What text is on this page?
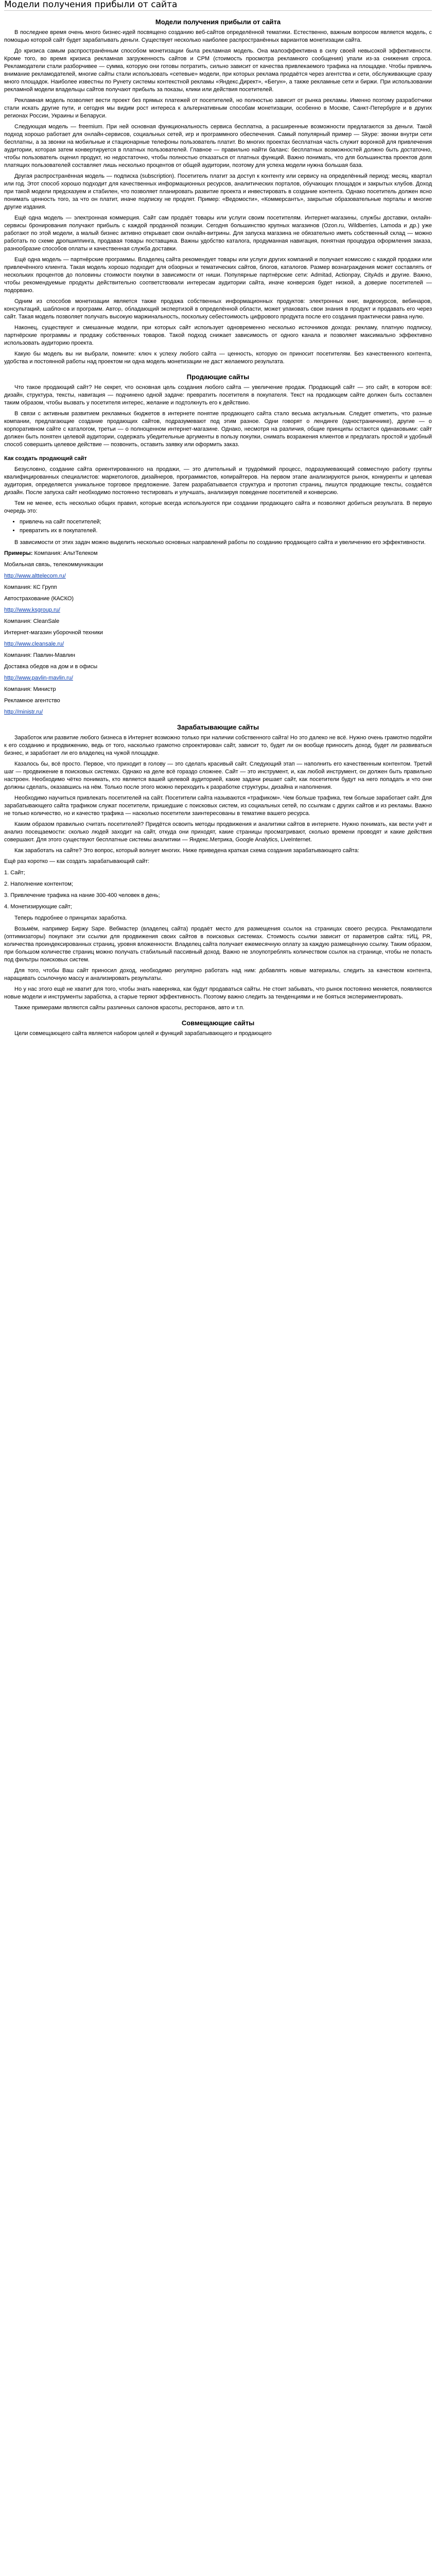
Модели получения прибыли от сайта
Модели получения прибыли от сайта

В последнее время очень много бизнес-идей посвящено созданию веб-сайтов определённой тематики. Естественно, важным вопросом является модель, с помощью которой сайт будет зарабатывать деньги. Существует несколько наиболее распространённых вариантов монетизации сайта.

До кризиса самым распространённым способом монетизации была рекламная модель. Она малоэффективна в силу своей невысокой эффективности. Кроме того, во время кризиса рекламная загруженность сайтов и CPM (стоимость просмотра рекламного сообщения) упали из-за снижения спроса. Рекламодатели стали разборчивее — сумма, которую они готовы потратить, сильно зависит от качества привлекаемого трафика на площадке. Чтобы привлечь внимание рекламодателей, многие сайты стали использовать «сетевые» модели, при которых реклама продаётся через агентства и сети, обслуживающие сразу много площадок. Наиболее известны по Рунету системы контекстной рекламы «Яндекс.Директ», «Бегун», а также рекламные сети и биржи. При использовании рекламной модели владельцы сайтов получают прибыль за показы, клики или действия посетителей.

Рекламная модель позволяет вести проект без прямых платежей от посетителей, но полностью зависит от рынка рекламы. Именно поэтому разработчики стали искать другие пути, и сегодня мы видим рост интереса к альтернативным способам монетизации, особенно в Москве, Санкт-Петербурге и в других регионах России, Украины и Беларуси.

Следующая модель — freemium. При ней основная функциональность сервиса бесплатна, а расширенные возможности предлагаются за деньги. Такой подход хорошо работает для онлайн-сервисов, социальных сетей, игр и программного обеспечения. Самый популярный пример — Skype: звонки внутри сети бесплатны, а за звонки на мобильные и стационарные телефоны пользователь платит. Во многих проектах бесплатная часть служит воронкой для привлечения аудитории, которая затем конвертируется в платных пользователей. Главное — правильно найти баланс: бесплатных возможностей должно быть достаточно, чтобы пользователь оценил продукт, но недостаточно, чтобы полностью отказаться от платных функций. Важно понимать, что для большинства проектов доля платящих пользователей составляет лишь несколько процентов от общей аудитории, поэтому для успеха модели нужна большая база.

Другая распространённая модель — подписка (subscription). Посетитель платит за доступ к контенту или сервису на определённый период: месяц, квартал или год. Этот способ хорошо подходит для качественных информационных ресурсов, аналитических порталов, обучающих площадок и закрытых клубов. Доход при такой модели предсказуем и стабилен, что позволяет планировать развитие проекта и инвестировать в создание контента. Однако посетитель должен ясно понимать ценность того, за что он платит, иначе подписку не продлят. Пример: «Ведомости», «Коммерсантъ», закрытые образовательные порталы и многие другие издания.

Ещё одна модель — электронная коммерция. Сайт сам продаёт товары или услуги своим посетителям. Интернет-магазины, службы доставки, онлайн-сервисы бронирования получают прибыль с каждой проданной позиции. Сегодня большинство крупных магазинов (Ozon.ru, Wildberries, Lamoda и др.) уже работают по этой модели, а малый бизнес активно открывает свои онлайн-витрины. Для запуска магазина не обязательно иметь собственный склад — можно работать по схеме дропшиппинга, продавая товары поставщика. Важны удобство каталога, продуманная навигация, понятная процедура оформления заказа, разнообразие способов оплаты и качественная служба доставки.

Ещё одна модель — партнёрские программы. Владелец сайта рекомендует товары или услуги других компаний и получает комиссию с каждой продажи или привлечённого клиента. Такая модель хорошо подходит для обзорных и тематических сайтов, блогов, каталогов. Размер вознаграждения может составлять от нескольких процентов до половины стоимости покупки в зависимости от ниши. Популярные партнёрские сети: Admitad, Actionpay, CityAds и другие. Важно, чтобы рекомендуемые продукты действительно соответствовали интересам аудитории сайта, иначе конверсия будет низкой, а доверие посетителей — подорвано.

Одним из способов монетизации является также продажа собственных информационных продуктов: электронных книг, видеокурсов, вебинаров, консультаций, шаблонов и программ. Автор, обладающий экспертизой в определённой области, может упаковать свои знания в продукт и продавать его через сайт. Такая модель позволяет получать высокую маржинальность, поскольку себестоимость цифрового продукта после его создания практически равна нулю.

Наконец, существуют и смешанные модели, при которых сайт использует одновременно несколько источников дохода: рекламу, платную подписку, партнёрские программы и продажу собственных товаров. Такой подход снижает зависимость от одного канала и позволяет максимально эффективно использовать аудиторию проекта.

Какую бы модель вы ни выбрали, помните: ключ к успеху любого сайта — ценность, которую он приносит посетителям. Без качественного контента, удобства и постоянной работы над проектом ни одна модель монетизации не даст желаемого результата.

Продающие сайты

Что такое продающий сайт? Не секрет, что основная цель создания любого сайта — увеличение продаж. Продающий сайт — это сайт, в котором всё: дизайн, структура, тексты, навигация — подчинено одной задаче: превратить посетителя в покупателя. Текст на продающем сайте должен быть составлен таким образом, чтобы вызвать у посетителя интерес, желание и подтолкнуть его к действию.

В связи с активным развитием рекламных бюджетов в интернете понятие продающего сайта стало весьма актуальным. Следует отметить, что разные компании, предлагающие создание продающих сайтов, подразумевают под этим разное. Одни говорят о лендинге (одностраничнике), другие — о корпоративном сайте с каталогом, третьи — о полноценном интернет-магазине. Однако, несмотря на различия, общие принципы остаются одинаковыми: сайт должен быть понятен целевой аудитории, содержать убедительные аргументы в пользу покупки, снимать возражения клиентов и предлагать простой и удобный способ совершить целевое действие — позвонить, оставить заявку или оформить заказ.

Как создать продающий сайт

Безусловно, создание сайта ориентированного на продажи, — это длительный и трудоёмкий процесс, подразумевающий совместную работу группы квалифицированных специалистов: маркетологов, дизайнеров, программистов, копирайтеров. На первом этапе анализируются рынок, конкуренты и целевая аудитория, определяется уникальное торговое предложение. Затем разрабатывается структура и прототип страниц, пишутся продающие тексты, создаётся дизайн. После запуска сайт необходимо постоянно тестировать и улучшать, анализируя поведение посетителей и конверсию.

Тем не менее, есть несколько общих правил, которые всегда используются при создании продающего сайта и позволяют добиться результата. В первую очередь это:

• привлечь на сайт посетителей;
• превратить их в покупателей.

В зависимости от этих задач можно выделить несколько основных направлений работы по созданию продающего сайта и увеличению его эффективности.

Примеры: Компания: АльтТелеком

Мобильная связь, телекоммуникации

http://www.alttelecom.ru/

Компания: КС Групп

Автострахование (КАСКО)

http://www.ksgroup.ru/

Компания: CleanSale

Интернет-магазин уборочной техники

http://www.cleansale.ru/

Компания: Павлин-Мавлин

Доставка обедов на дом и в офисы

http://www.pavlin-mavlin.ru/

Компания: Министр

Рекламное агентство

http://ministr.ru/

Зарабатывающие сайты

Заработок или развитие любого бизнеса в Интернет возможно только при наличии собственного сайта! Но это далеко не всё. Нужно очень грамотно подойти к его созданию и продвижению, ведь от того, насколько грамотно спроектирован сайт, зависит то, будет ли он вообще приносить доход, будет ли развиваться бизнес, и заработает ли его владелец на чужой площадке.

Казалось бы, всё просто. Первое, что приходит в голову — это сделать красивый сайт. Следующий этап — наполнить его качественным контентом. Третий шаг — продвижение в поисковых системах. Однако на деле всё гораздо сложнее. Сайт — это инструмент, и, как любой инструмент, он должен быть правильно настроен. Необходимо чётко понимать, кто является вашей целевой аудиторией, какие задачи решает сайт, как посетители будут на него попадать и что они должны сделать, оказавшись на нём. Только после этого можно переходить к разработке структуры, дизайна и наполнения.

Необходимо научиться привлекать посетителей на сайт. Посетители сайта называются «трафиком». Чем больше трафика, тем больше заработает сайт. Для зарабатывающего сайта трафиком служат посетители, пришедшие с поисковых систем, из социальных сетей, по ссылкам с других сайтов и из рекламы. Важно не только количество, но и качество трафика — насколько посетители заинтересованы в тематике вашего ресурса.

Каким образом правильно считать посетителей? Придётся освоить методы продвижения и аналитики сайтов в интернете. Нужно понимать, как вести учёт и анализ посещаемости: сколько людей заходит на сайт, откуда они приходят, какие страницы просматривают, сколько времени проводят и какие действия совершают. Для этого существуют бесплатные системы аналитики — Яндекс.Метрика, Google Analytics, LiveInternet.

Как заработать на сайте? Это вопрос, который волнует многих. Ниже приведена краткая схема создания зарабатывающего сайта:

Ещё раз коротко — как создать зарабатывающий сайт:

1. Сайт;

2. Наполнение контентом;

3. Привлечение трафика на нание 300-400 человек в день;

4. Монетизирующие сайт;

Теперь подробнее о принципах заработка.

Возьмём, например Биржу Sape. Вебмастер (владелец сайта) продаёт место для размещения ссылок на страницах своего ресурса. Рекламодатели (оптимизаторы) покупают эти ссылки для продвижения своих сайтов в поисковых системах. Стоимость ссылки зависит от параметров сайта: тИЦ, PR, количества проиндексированных страниц, уровня вложенности. Владелец сайта получает ежемесячную оплату за каждую размещённую ссылку. Таким образом, при большом количестве страниц можно получать стабильный пассивный доход. Важно не злоупотреблять количеством ссылок на странице, чтобы не попасть под фильтры поисковых систем.

Для того, чтобы Ваш сайт приносил доход, необходимо регулярно работать над ним: добавлять новые материалы, следить за качеством контента, наращивать ссылочную массу и анализировать результаты.

Но у нас этого ещё не хватит для того, чтобы знать наверняка, как будут продаваться сайты. Не стоит забывать, что рынок постоянно меняется, появляются новые модели и инструменты заработка, а старые теряют эффективность. Поэтому важно следить за тенденциями и не бояться экспериментировать.

Также примерами являются сайты различных салонов красоты, ресторанов, авто и т.п.

Совмещающие сайты

Цели совмещающего сайта является набором целей и функций зарабатывающего и продающего
